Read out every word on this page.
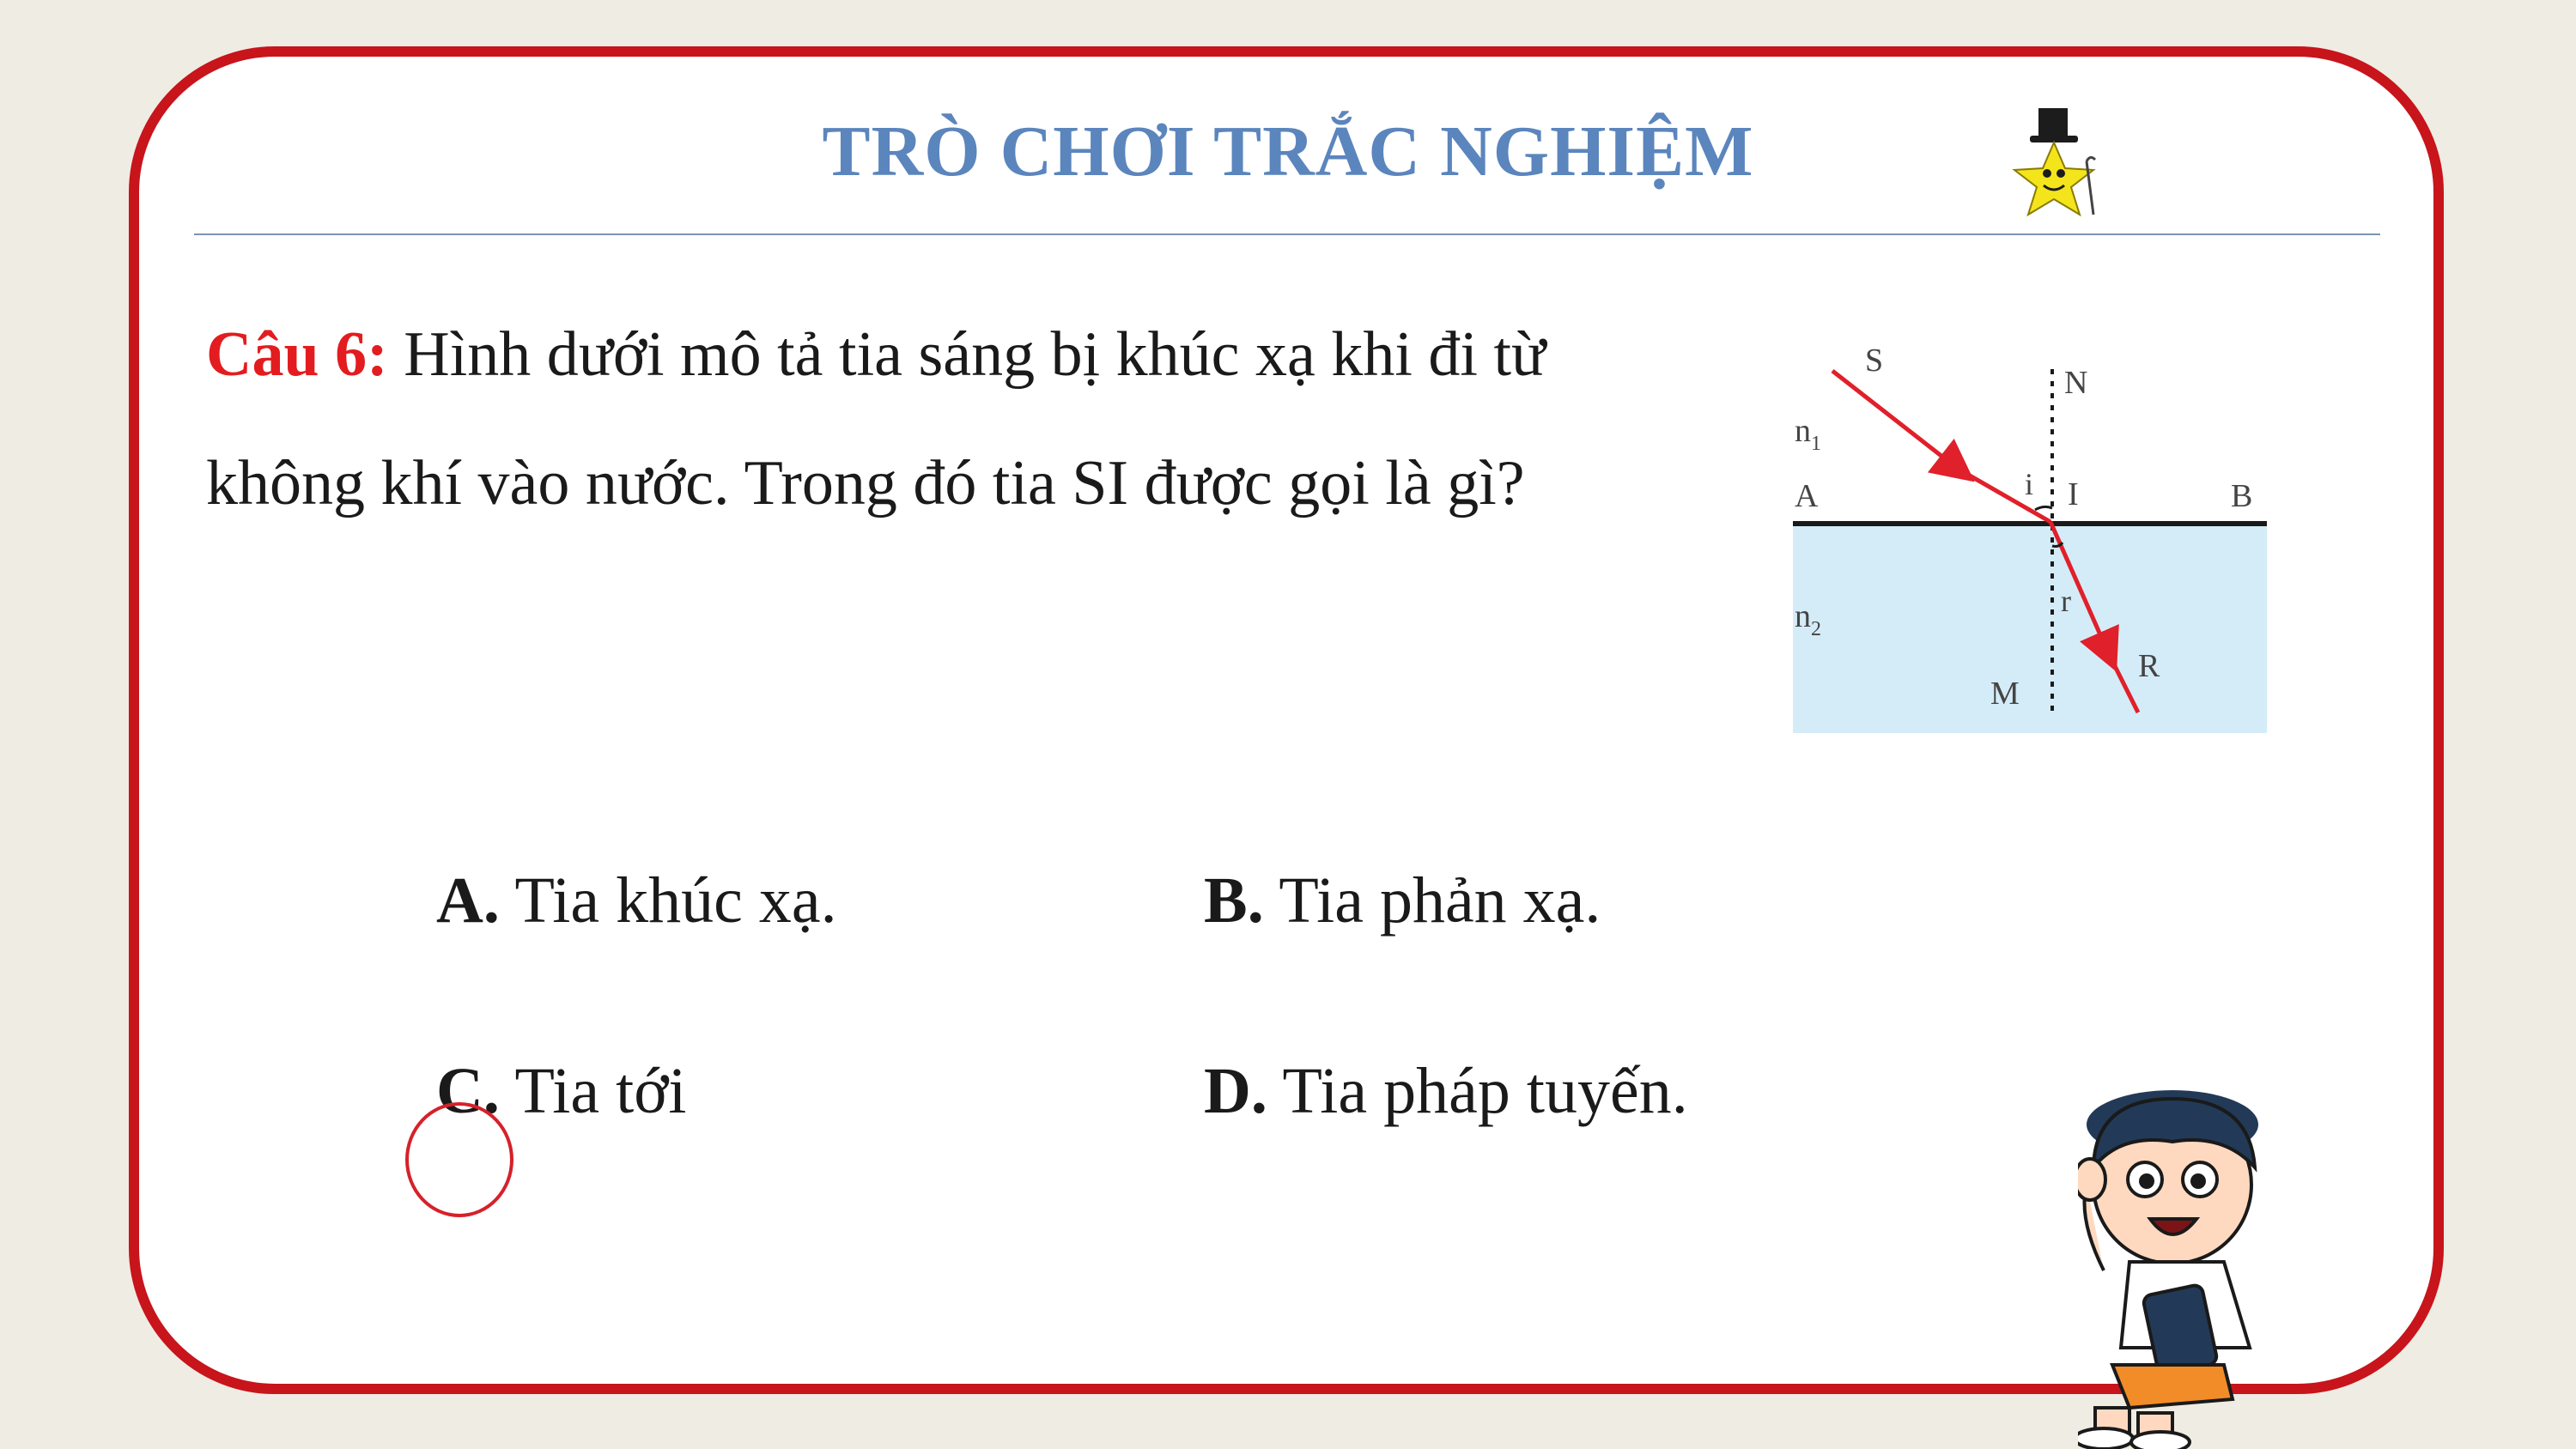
TRÒ CHƠI TRẮC NGHIỆM
Câu 6: Hình dưới mô tả tia sáng bị khúc xạ khi đi từ không khí vào nước. Trong đó tia SI được gọi là gì?
S
N
$n_1$
i I
A	B
$n_2$
r
R
M
A. Tia khúc xạ.	B. Tia phản xạ.
C. Tia tới	D. Tia pháp tuyến.
